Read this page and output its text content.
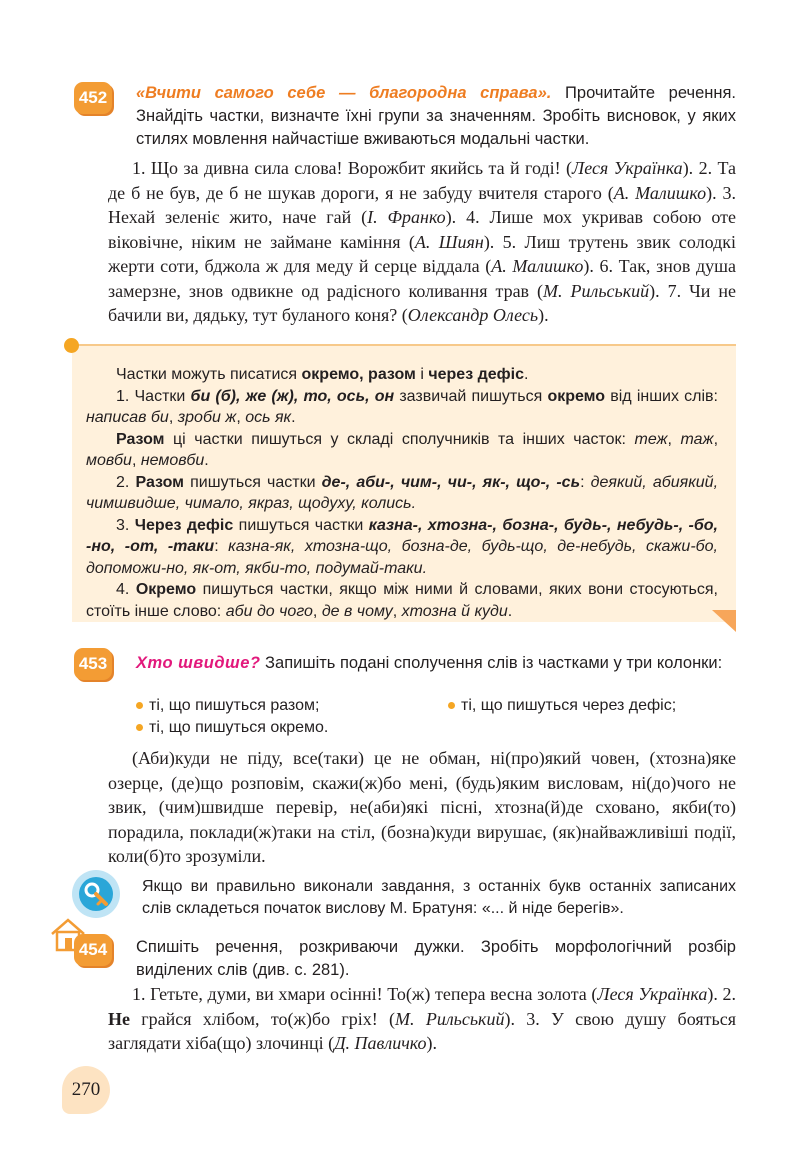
452 «Вчити самого себе — благородна справа». Прочитайте речення. Знайдіть частки, визначте їхні групи за значенням. Зробіть висновок, у яких стилях мовлення найчастіше вживаються модальні частки.

1. Що за дивна сила слова! Ворожбит якийсь та й годі! (Леся Українка). 2. Та де б не був, де б не шукав дороги, я не забуду вчителя старого (А. Малишко). 3. Нехай зеленіє жито, наче гай (І. Франко). 4. Лише мох укривав собою оте віковічне, ніким не займане каміння (А. Шиян). 5. Лиш трутень звик солодкі жерти соти, бджола ж для меду й серце віддала (А. Малишко). 6. Так, знов душа замерзне, знов одвикне од радісного коливання трав (М. Рильський). 7. Чи не бачили ви, дядьку, тут буланого коня? (Олександр Олесь).

Частки можуть писатися окремо, разом і через дефіс.

1. Частки би (б), же (ж), то, ось, он зазвичай пишуться окремо від інших слів: написав би, зроби ж, ось як.

Разом ці частки пишуться у складі сполучників та інших часток: теж, таж, мовби, немовби.

2. Разом пишуться частки де-, аби-, чим-, чи-, як-, що-, -сь: деякий, абиякий, чимшвидше, чимало, якраз, щодуху, колись.

3. Через дефіс пишуться частки казна-, хтозна-, бозна-, будь-, небудь-, -бо, -но, -от, -таки: казна-як, хтозна-що, бозна-де, будь-що, де-небудь, скажи-бо, допоможи-но, як-от, якби-то, подумай-таки.

4. Окремо пишуться частки, якщо між ними й словами, яких вони стосуються, стоїть інше слово: аби до чого, де в чому, хтозна й куди.

453 Хто швидше? Запишіть подані сполучення слів із частками у три колонки:
ті, що пишуться разом;	ті, що пишуться через дефіс;
ті, що пишуться окремо.

(Аби)куди не піду, все(таки) це не обман, ні(про)який човен, (хтозна)яке озерце, (де)що розповім, скажи(ж)бо мені, (будь)яким висловам, ні(до)чого не звик, (чим)швидше перевір, не(аби)які пісні, хтозна(й)де сховано, якби(то) порадила, поклади(ж)таки на стіл, (бозна)куди вирушає, (як)найважливіші події, коли(б)то зрозуміли.

Якщо ви правильно виконали завдання, з останніх букв останніх записаних слів складеться початок вислову М. Братуня: «... й ніде берегів».
454 Спишіть речення, розкриваючи дужки. Зробіть морфологічний розбір виділених слів (див. с. 281).

1. Гетьте, думи, ви хмари осінні! То(ж) тепера весна золота (Леся Українка). 2. Не грайся хлібом, то(ж)бо гріх! (М. Рильський). 3. У свою душу бояться заглядати хіба(що) злочинці (Д. Павличко).

270
